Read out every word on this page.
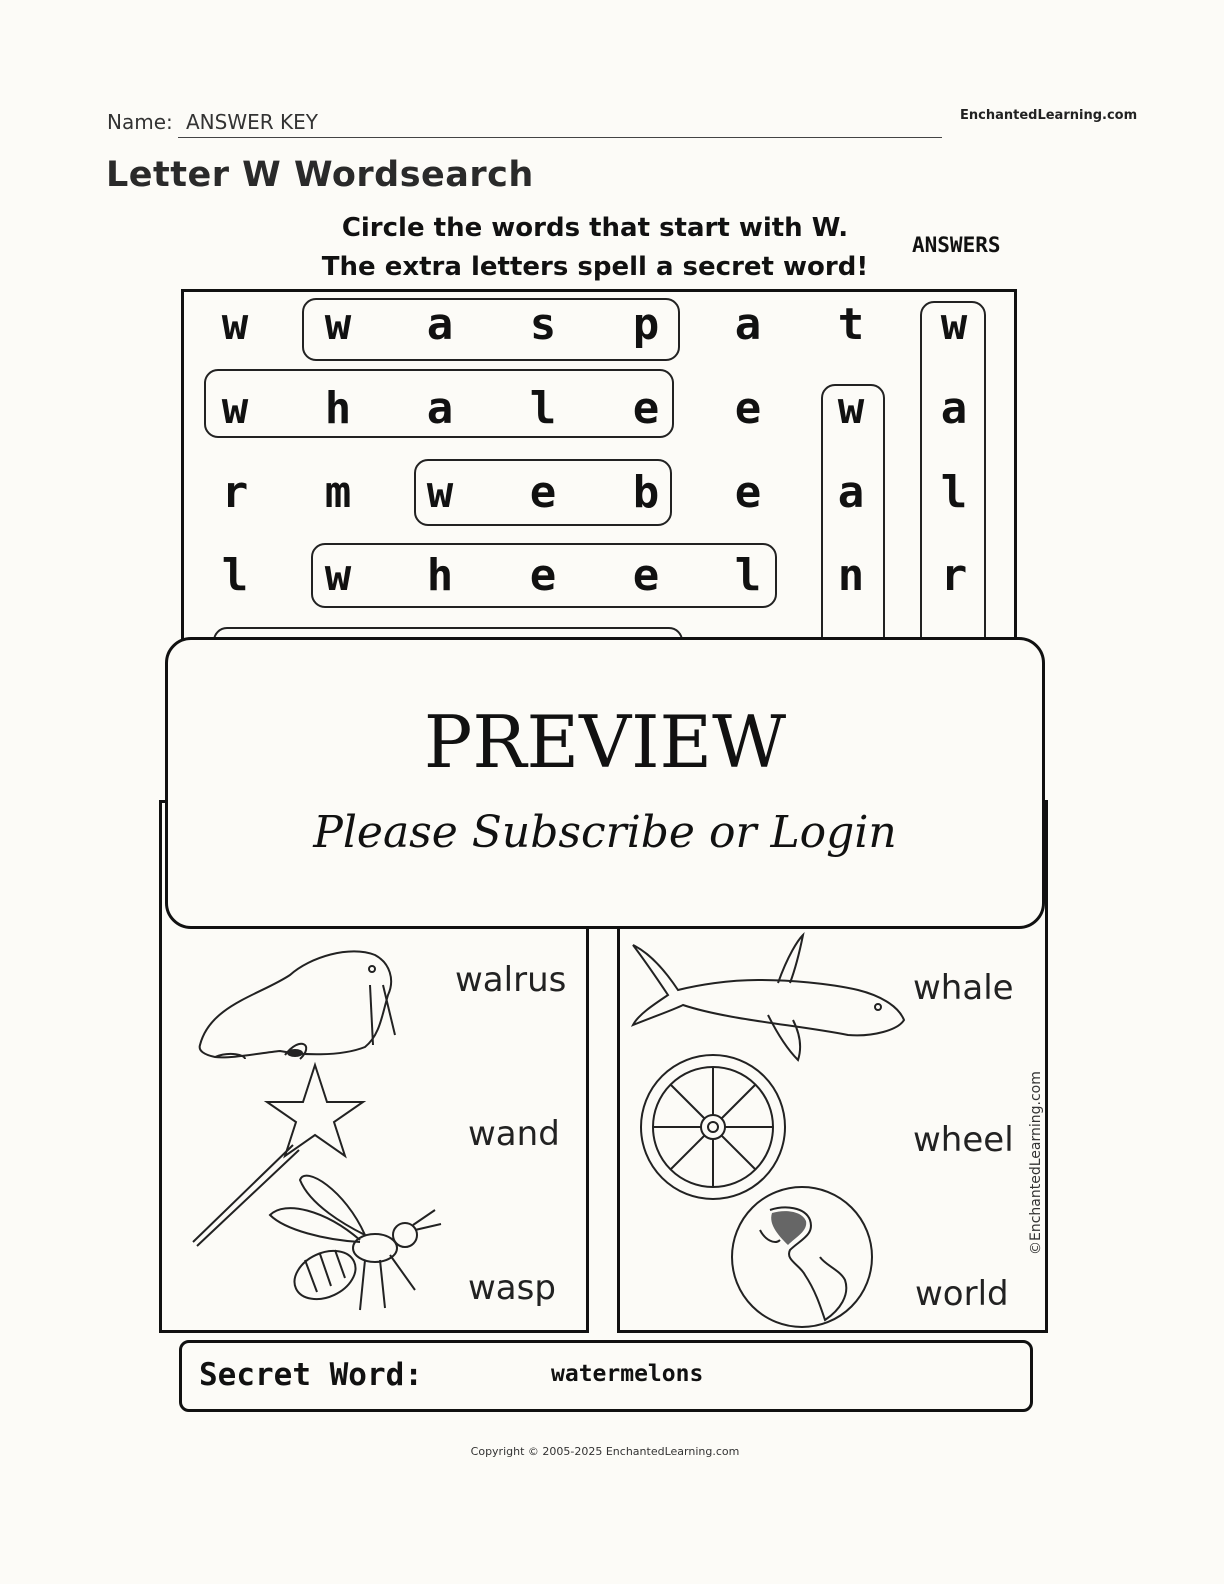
Name: ANSWER KEY	EnchantedLearning.com
Letter W Wordsearch
Circle the words that start with W.
The extra letters spell a secret word!
ANSWERS
w	w	a	s	p	a	t	w
w	h	a	l	e	e	w	a
r	m	w	e	b	e	a	l
l	w	h	e	e	l	n	r
walrus
wand
wasp
whale
wheel
world
©EnchantedLearning.com
Secret Word:	watermelons
PREVIEW
Please Subscribe or Login
Copyright © 2005-2025 EnchantedLearning.com
